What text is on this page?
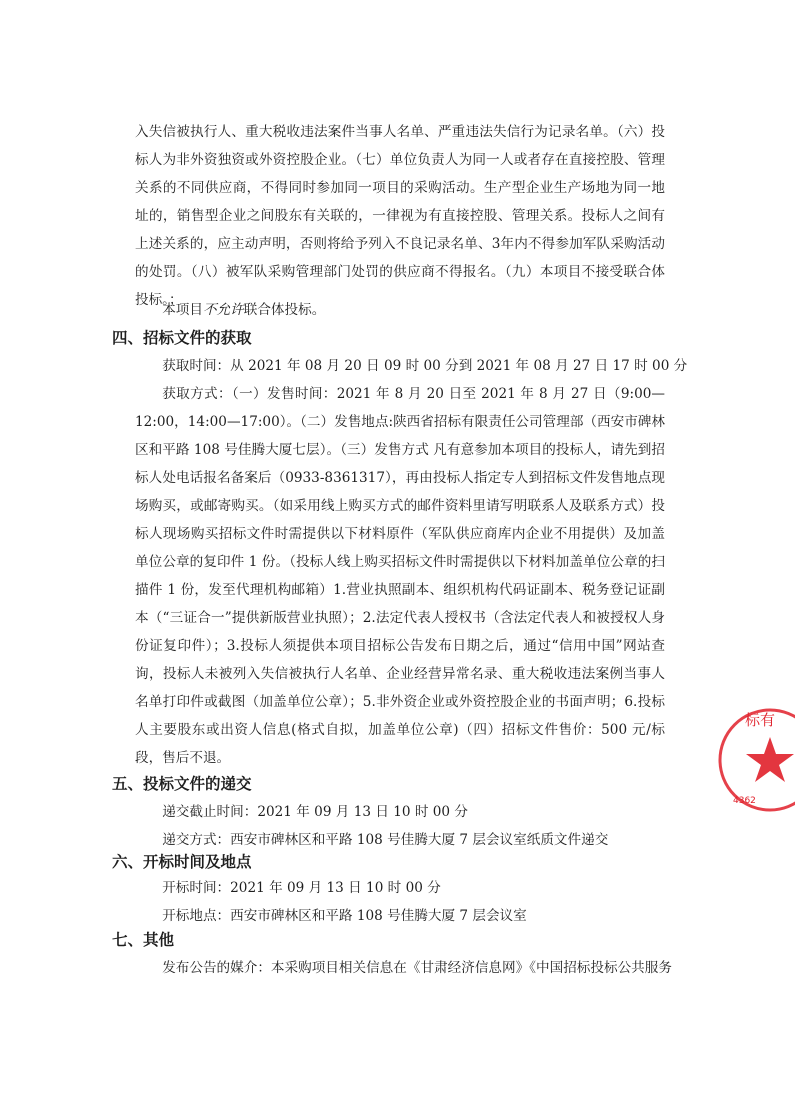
入失信被执行人、重大税收违法案件当事人名单、严重违法失信行为记录名单。（六）投标人为非外资独资或外资控股企业。（七）单位负责人为同一人或者存在直接控股、管理关系的不同供应商，不得同时参加同一项目的采购活动。生产型企业生产场地为同一地址的，销售型企业之间股东有关联的，一律视为有直接控股、管理关系。投标人之间有上述关系的，应主动声明，否则将给予列入不良记录名单、3年内不得参加军队采购活动的处罚。（八）被军队采购管理部门处罚的供应商不得报名。（九）本项目不接受联合体投标。；

本项目不允许联合体投标。
四、招标文件的获取
获取时间：从 2021 年 08 月 20 日 09 时 00 分到 2021 年 08 月 27 日 17 时 00 分

获取方式：（一）发售时间：2021 年 8 月 20 日至 2021 年 8 月 27 日（9:00—12:00，14:00—17:00）。（二）发售地点:陕西省招标有限责任公司管理部（西安市碑林区和平路 108 号佳腾大厦七层）。（三）发售方式 凡有意参加本项目的投标人，请先到招标人处电话报名备案后（0933-8361317），再由投标人指定专人到招标文件发售地点现场购买，或邮寄购买。（如采用线上购买方式的邮件资料里请写明联系人及联系方式）投标人现场购买招标文件时需提供以下材料原件（军队供应商库内企业不用提供）及加盖单位公章的复印件 1 份。（投标人线上购买招标文件时需提供以下材料加盖单位公章的扫描件 1 份，发至代理机构邮箱）1.营业执照副本、组织机构代码证副本、税务登记证副本（“三证合一”提供新版营业执照）；2.法定代表人授权书（含法定代表人和被授权人身份证复印件）；3.投标人须提供本项目招标公告发布日期之后，通过“信用中国”网站查询，投标人未被列入失信被执行人名单、企业经营异常名录、重大税收违法案例当事人名单打印件或截图（加盖单位公章）；5.非外资企业或外资控股企业的书面声明；6.投标人主要股东或出资人信息(格式自拟，加盖单位公章)（四）招标文件售价：500 元/标段，售后不退。

五、投标文件的递交
递交截止时间：2021 年 09 月 13 日 10 时 00 分
递交方式：西安市碑林区和平路 108 号佳腾大厦 7 层会议室纸质文件递交
六、开标时间及地点
开标时间：2021 年 09 月 13 日 10 时 00 分
开标地点：西安市碑林区和平路 108 号佳腾大厦 7 层会议室
七、其他
发布公告的媒介：本采购项目相关信息在《甘肃经济信息网》《中国招标投标公共服务
标有
4362
